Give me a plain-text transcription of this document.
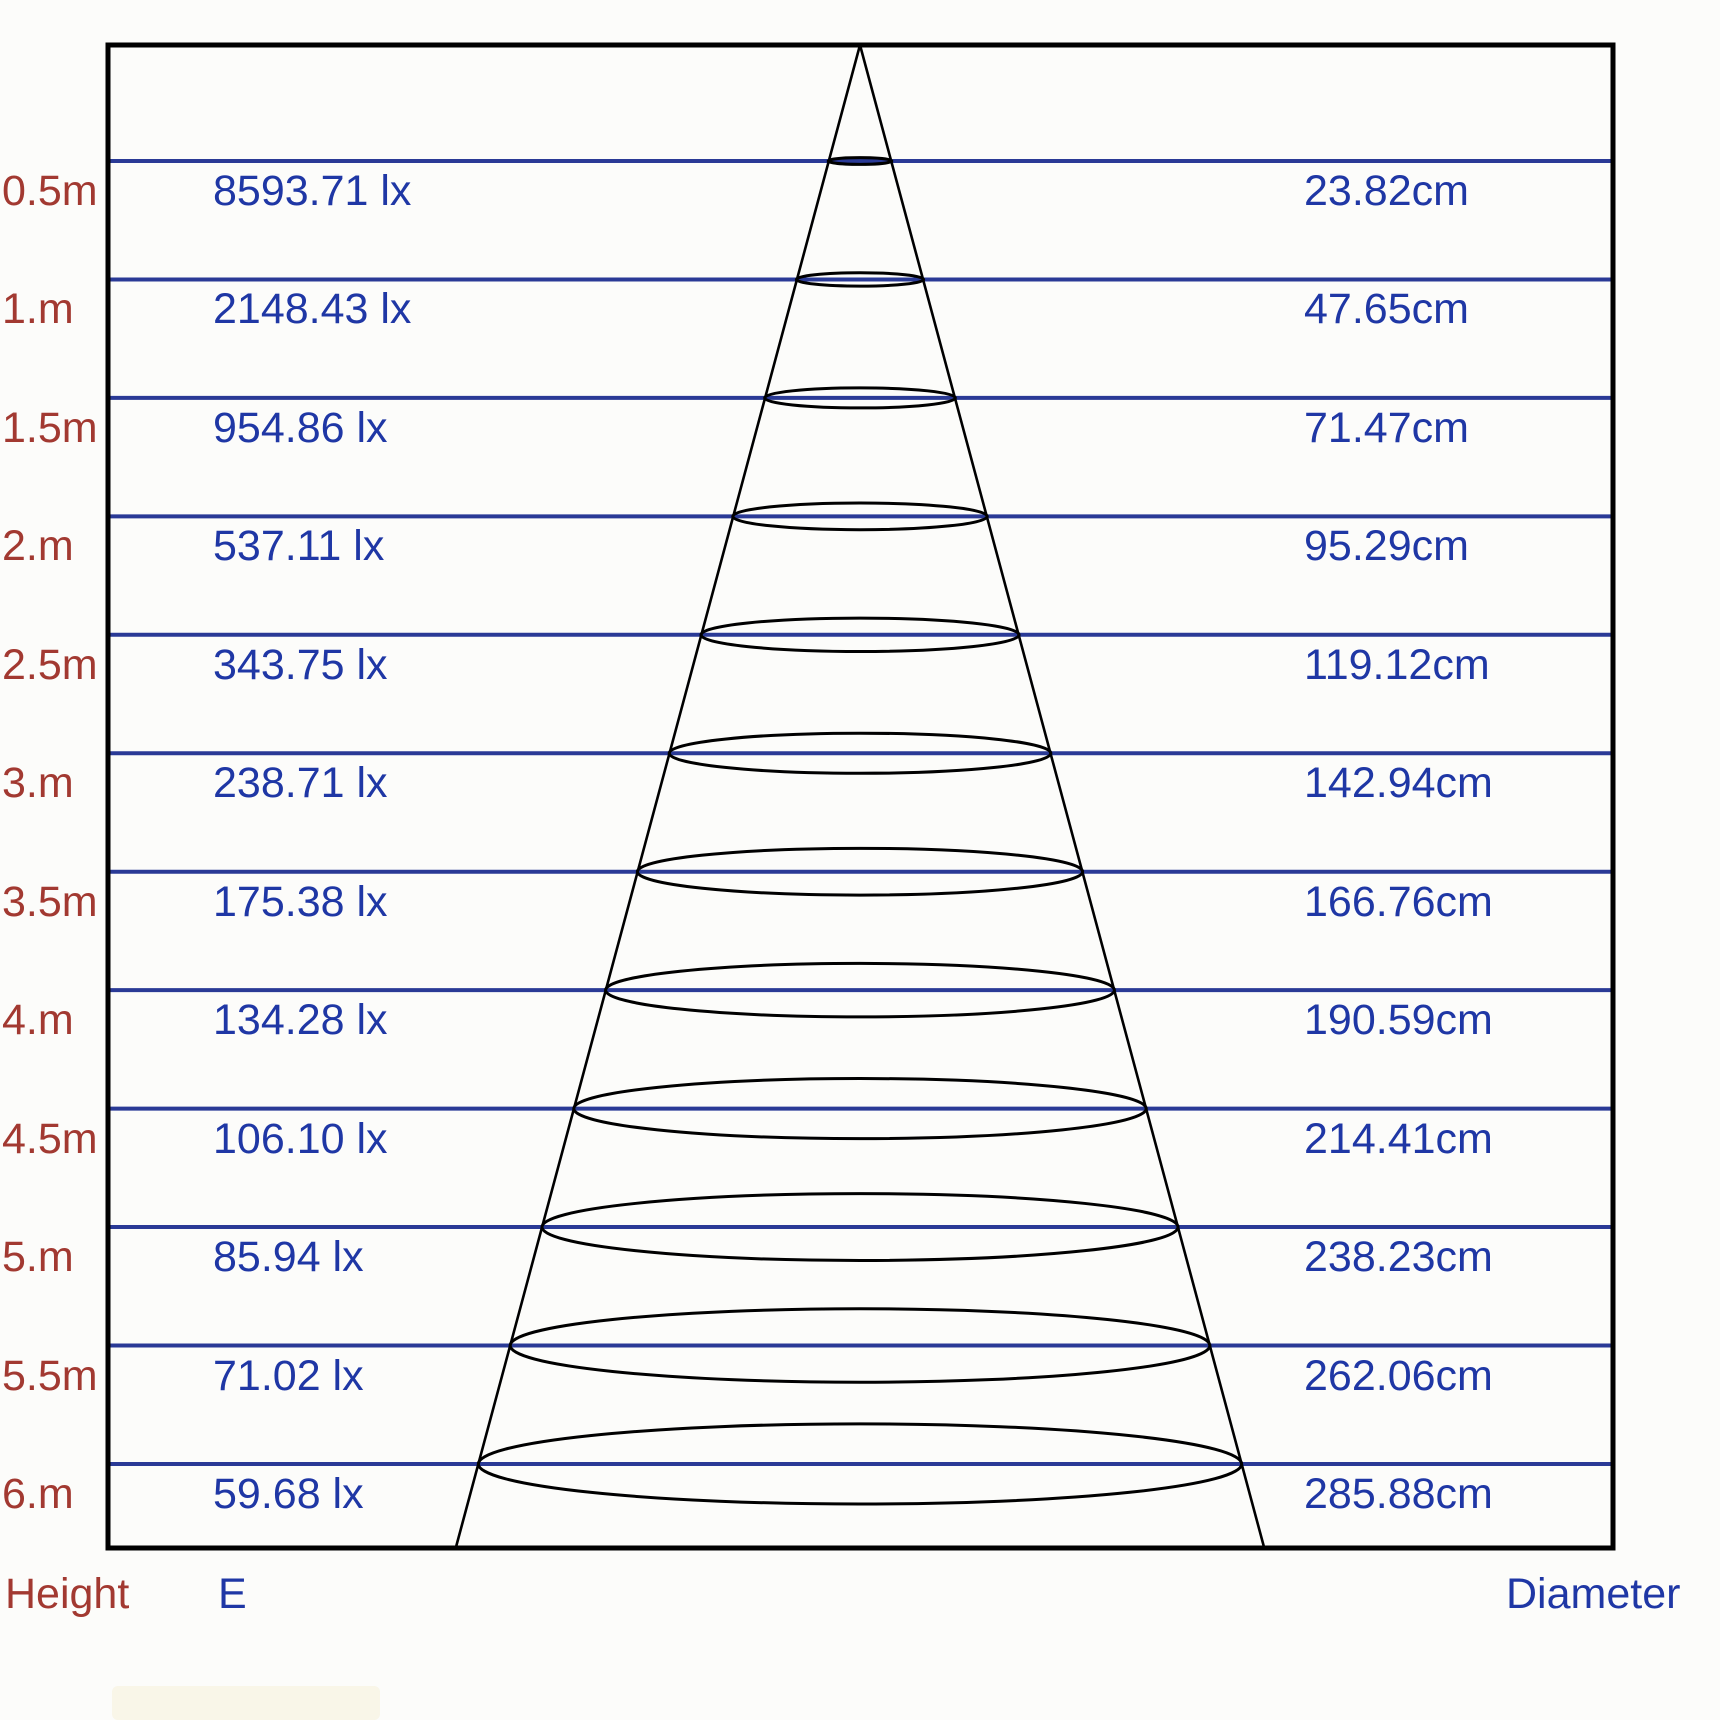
0.5m	8593.71 lx	23.82cm
1.m	2148.43 lx	47.65cm
1.5m	954.86 lx	71.47cm
2.m	537.11 lx	95.29cm
2.5m	343.75 lx	119.12cm
3.m	238.71 lx	142.94cm
3.5m	175.38 lx	166.76cm
4.m	134.28 lx	190.59cm
4.5m	106.10 lx	214.41cm
5.m	85.94 lx	238.23cm
5.5m	71.02 lx	262.06cm
6.m	59.68 lx	285.88cm
Height E	Diameter
